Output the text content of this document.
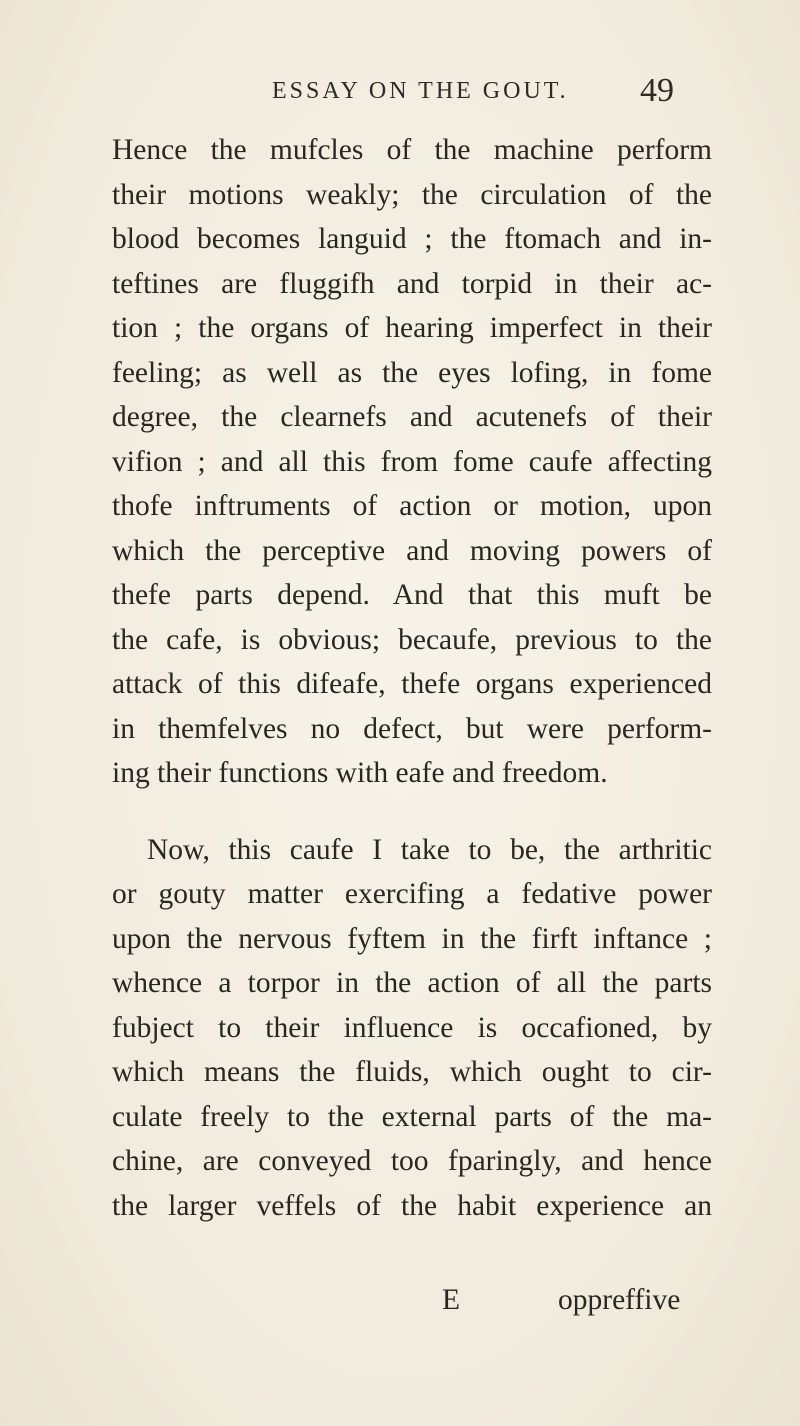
ESSAY ON THE GOUT. 49
Hence the mufcles of the machine perform
their motions weakly; the circulation of the
blood becomes languid ; the ftomach and in-
teftines are fluggifh and torpid in their ac-
tion ; the organs of hearing imperfect in their
feeling; as well as the eyes lofing, in fome
degree, the clearnefs and acutenefs of their
vifion ; and all this from fome caufe affecting
thofe inftruments of action or motion, upon
which the perceptive and moving powers of
thefe parts depend. And that this muft be
the cafe, is obvious; becaufe, previous to the
attack of this difeafe, thefe organs experienced
in themfelves no defect, but were perform-
ing their functions with eafe and freedom.
Now, this caufe I take to be, the arthritic
or gouty matter exercifing a fedative power
upon the nervous fyftem in the firft inftance ;
whence a torpor in the action of all the parts
fubject to their influence is occafioned, by
which means the fluids, which ought to cir-
culate freely to the external parts of the ma-
chine, are conveyed too fparingly, and hence
the larger veffels of the habit experience an
E	oppreffive
